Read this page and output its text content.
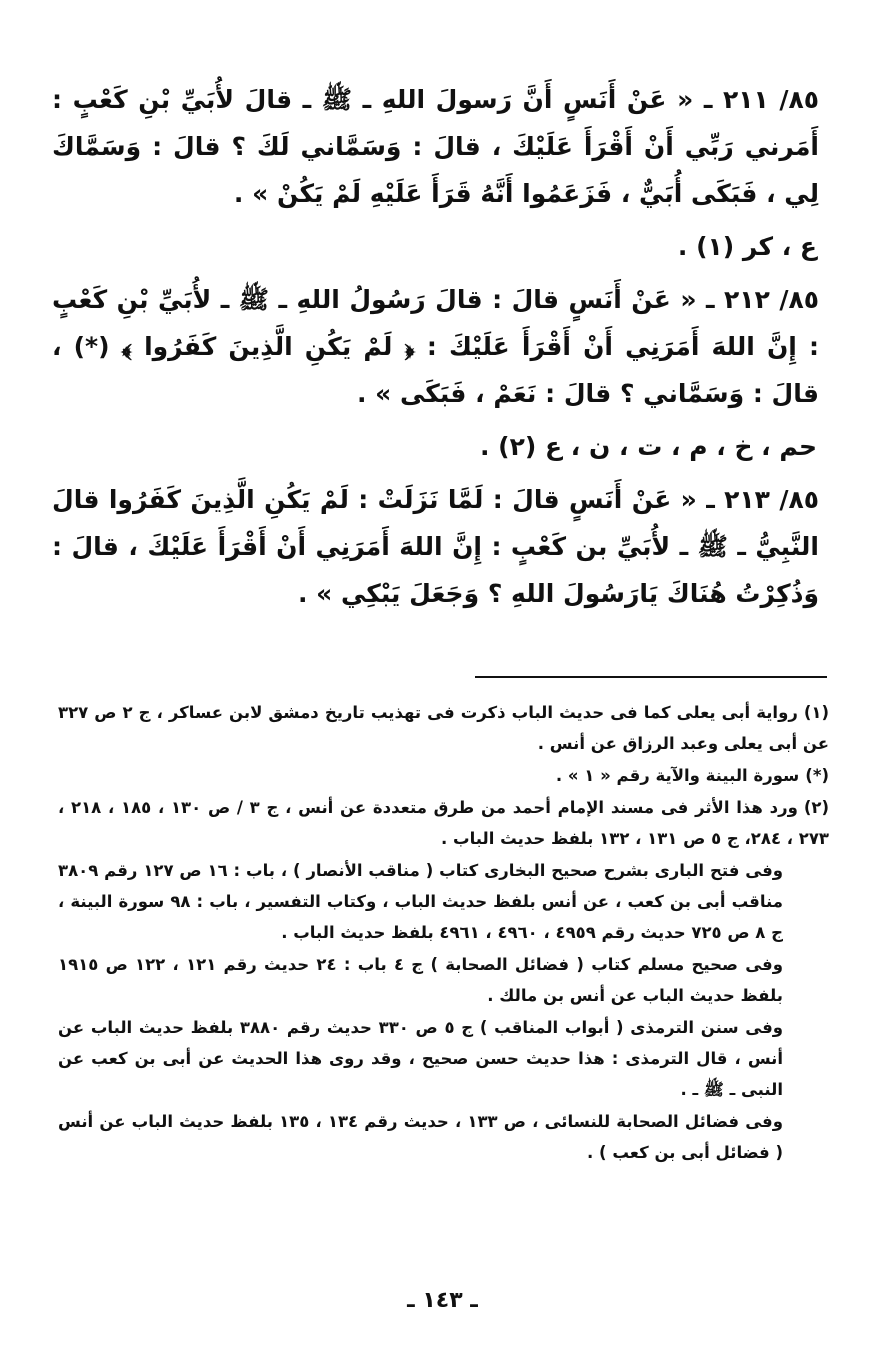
٨٥/ ٢١١ ـ « عَنْ أَنَسٍ أَنَّ رَسولَ اللهِ ـ ﷺ ـ قالَ لأُبَيِّ بْنِ كَعْبٍ : أَمَرني رَبِّي أَنْ أَقْرَأَ عَلَيْكَ ، قالَ : وَسَمَّاني لَكَ ؟ قالَ : وَسَمَّاكَ لِي ، فَبَكَى أُبَيٌّ ، فَزَعَمُوا أَنَّهُ قَرَأَ عَلَيْهِ لَمْ يَكُنْ » .

ع ، كر (١) .

٨٥/ ٢١٢ ـ « عَنْ أَنَسٍ قالَ : قالَ رَسُولُ اللهِ ـ ﷺ ـ لأُبَيِّ بْنِ كَعْبٍ : إِنَّ اللهَ أَمَرَنِي أَنْ أَقْرَأَ عَلَيْكَ : ﴿ لَمْ يَكُنِ الَّذِينَ كَفَرُوا ﴾ (*) ، قالَ : وَسَمَّاني ؟ قالَ : نَعَمْ ، فَبَكَى » .

حم ، خ ، م ، ت ، ن ، ع (٢) .

٨٥/ ٢١٣ ـ « عَنْ أَنَسٍ قالَ : لَمَّا نَزَلَتْ : لَمْ يَكُنِ الَّذِينَ كَفَرُوا قالَ النَّبِيُّ ـ ﷺ ـ لأُبَيِّ بن كَعْبٍ : إِنَّ اللهَ أَمَرَنِي أَنْ أَقْرَأَ عَلَيْكَ ، قالَ : وَذُكِرْتُ هُنَاكَ يَارَسُولَ اللهِ ؟ وَجَعَلَ يَبْكِي » .

(١)رواية أبى يعلى كما فى حديث الباب ذكرت فى تهذيب تاريخ دمشق لابن عساكر ، ج ٢ ص ٣٢٧ عن أبى يعلى وعبد الرزاق عن أنس .

(*)سورة البينة والآية رقم « ١ » .

(٢)ورد هذا الأثر فى مسند الإمام أحمد من طرق متعددة عن أنس ، ج ٣ / ص ١٣٠ ، ١٨٥ ، ٢١٨ ، ٢٧٣ ، ٢٨٤، ج ٥ ص ١٣١ ، ١٣٢ بلفظ حديث الباب .

وفى فتح البارى بشرح صحيح البخارى كتاب ( مناقب الأنصار ) ، باب : ١٦ ص ١٢٧ رقم ٣٨٠٩ مناقب أبى بن كعب ، عن أنس بلفظ حديث الباب ، وكتاب التفسير ، باب : ٩٨ سورة البينة ، ج ٨ ص ٧٢٥ حديث رقم ٤٩٥٩ ، ٤٩٦٠ ، ٤٩٦١ بلفظ حديث الباب .

وفى صحيح مسلم كتاب ( فضائل الصحابة ) ج ٤ باب : ٢٤ حديث رقم ١٢١ ، ١٢٢ ص ١٩١٥ بلفظ حديث الباب عن أنس بن مالك .

وفى سنن الترمذى ( أبواب المناقب ) ج ٥ ص ٣٣٠ حديث رقم ٣٨٨٠ بلفظ حديث الباب عن أنس ، قال الترمذى : هذا حديث حسن صحيح ، وقد روى هذا الحديث عن أبى بن كعب عن النبى ـ ﷺ ـ .

وفى فضائل الصحابة للنسائى ، ص ١٣٣ ، حديث رقم ١٣٤ ، ١٣٥ بلفظ حديث الباب عن أنس ( فضائل أبى بن كعب ) .

ـ ١٤٣ ـ
